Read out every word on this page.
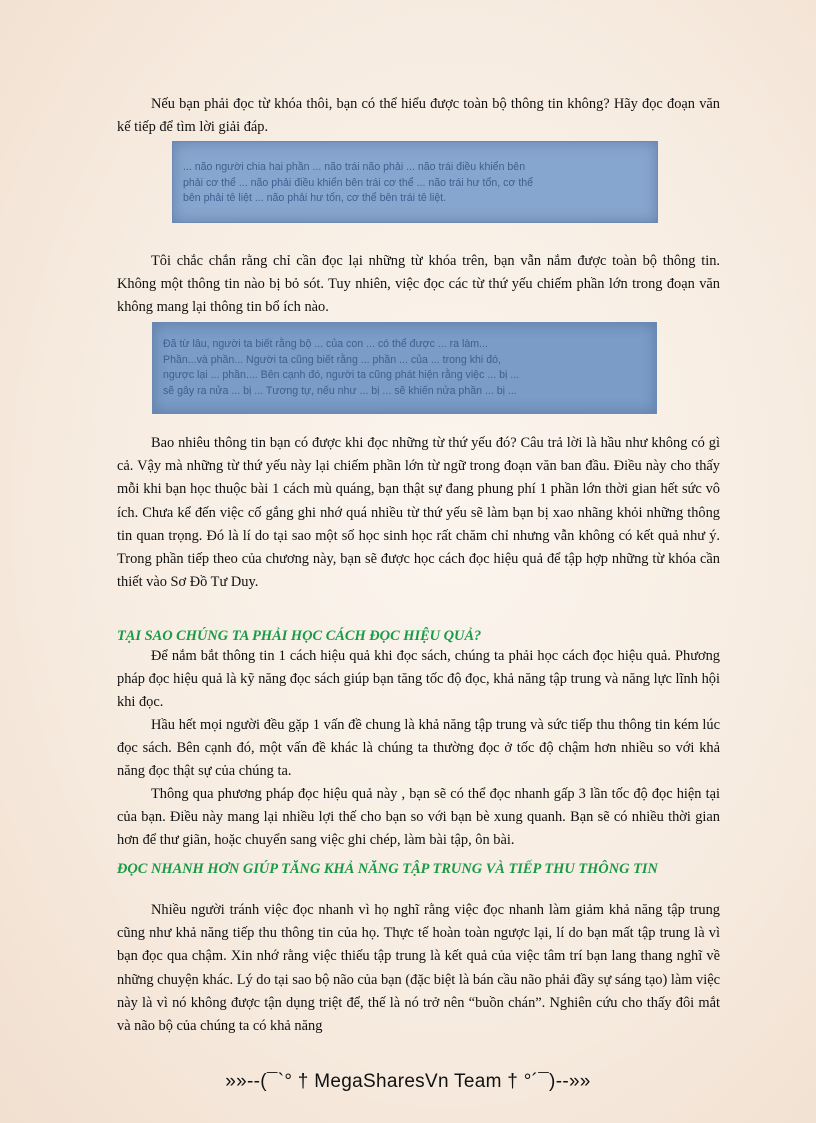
Nếu bạn phải đọc từ khóa thôi, bạn có thể hiểu được toàn bộ thông tin không? Hãy đọc đoạn văn kế tiếp để tìm lời giải đáp.

... não người chia hai phần ... não trái não phải ... não trái điều khiển bên
phải cơ thể ... não phải điều khiển bên trái cơ thể ... não trái hư tổn, cơ thể
bên phải tê liệt ... não phải hư tổn, cơ thể bên trái tê liệt.

Tôi chắc chắn rằng chỉ cần đọc lại những từ khóa trên, bạn vẫn nắm được toàn bộ thông tin. Không một thông tin nào bị bỏ sót. Tuy nhiên, việc đọc các từ thứ yếu chiếm phần lớn trong đoạn văn không mang lại thông tin bổ ích nào.

Đã từ lâu, người ta biết rằng bộ ... của con ... có thể được ... ra làm...
Phần...và phần... Người ta cũng biết rằng ... phần ... của ... trong khi đó,
ngược lại ... phần.... Bên cạnh đó, người ta cũng phát hiện rằng việc ... bị ...
sẽ gây ra nửa ... bị ... Tương tự, nếu như ... bị ... sẽ khiến nửa phần ... bị ...

Bao nhiêu thông tin bạn có được khi đọc những từ thứ yếu đó? Câu trả lời là hầu như không có gì cả. Vậy mà những từ thứ yếu này lại chiếm phần lớn từ ngữ trong đoạn văn ban đầu. Điều này cho thấy mỗi khi bạn học thuộc bài 1 cách mù quáng, bạn thật sự đang phung phí 1 phần lớn thời gian hết sức vô ích. Chưa kể đến việc cố gắng ghi nhớ quá nhiều từ thứ yếu sẽ làm bạn bị xao nhãng khỏi những thông tin quan trọng. Đó là lí do tại sao một số học sinh học rất chăm chỉ nhưng vẫn không có kết quả như ý. Trong phần tiếp theo của chương này, bạn sẽ được học cách đọc hiệu quả để tập hợp những từ khóa cần thiết vào Sơ Đồ Tư Duy.

TẠI SAO CHÚNG TA PHẢI HỌC CÁCH ĐỌC HIỆU QUẢ?

Để nắm bắt thông tin 1 cách hiệu quả khi đọc sách, chúng ta phải học cách đọc hiệu quả. Phương pháp đọc hiệu quả là kỹ năng đọc sách giúp bạn tăng tốc độ đọc, khả năng tập trung và năng lực lĩnh hội khi đọc.

Hầu hết mọi người đều gặp 1 vấn đề chung là khả năng tập trung và sức tiếp thu thông tin kém lúc đọc sách. Bên cạnh đó, một vấn đề khác là chúng ta thường đọc ở tốc độ chậm hơn nhiều so với khả năng đọc thật sự của chúng ta.

Thông qua phương pháp đọc hiệu quả này , bạn sẽ có thể đọc nhanh gấp 3 lần tốc độ đọc hiện tại của bạn. Điều này mang lại nhiều lợi thế cho bạn so với bạn bè xung quanh. Bạn sẽ có nhiều thời gian hơn để thư giãn, hoặc chuyển sang việc ghi chép, làm bài tập, ôn bài.

ĐỌC NHANH HƠN GIÚP TĂNG KHẢ NĂNG TẬP TRUNG VÀ TIẾP THU THÔNG TIN

Nhiều người tránh việc đọc nhanh vì họ nghĩ rằng việc đọc nhanh làm giảm khả năng tập trung cũng như khả năng tiếp thu thông tin của họ. Thực tế hoàn toàn ngược lại, lí do bạn mất tập trung là vì bạn đọc qua chậm. Xin nhớ rằng việc thiếu tập trung là kết quả của việc tâm trí bạn lang thang nghĩ về những chuyện khác. Lý do tại sao bộ não của bạn (đặc biệt là bán cầu não phải đầy sự sáng tạo) làm việc này là vì nó không được tận dụng triệt để, thế là nó trở nên “buồn chán”. Nghiên cứu cho thấy đôi mắt và não bộ của chúng ta có khả năng

»»--(¯`° † MegaSharesVn Team † °´¯)--»»
